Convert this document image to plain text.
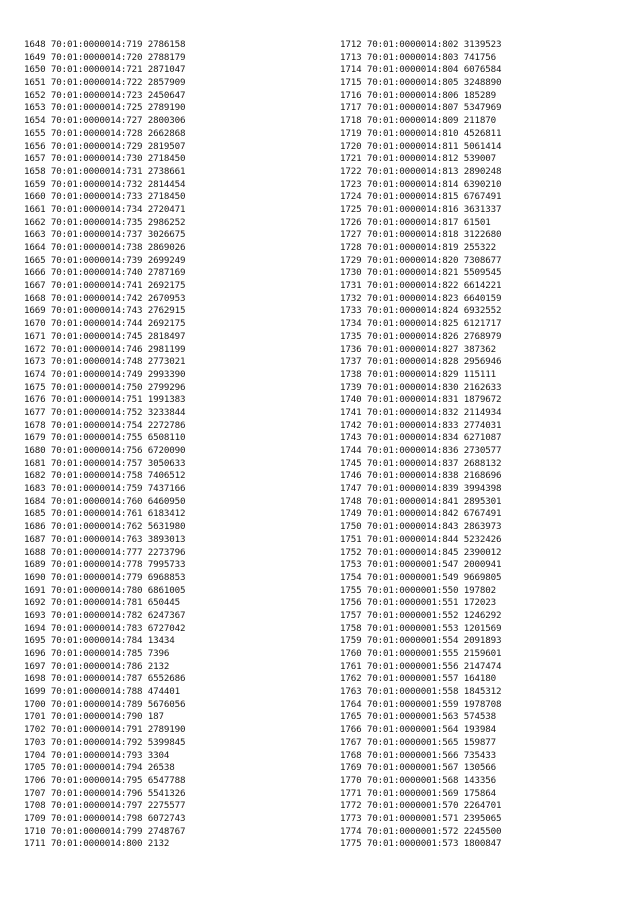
1648 70:01:0000014:719 2786158
1649 70:01:0000014:720 2788179
1650 70:01:0000014:721 2871047
1651 70:01:0000014:722 2857909
1652 70:01:0000014:723 2450647
1653 70:01:0000014:725 2789190
1654 70:01:0000014:727 2800306
1655 70:01:0000014:728 2662868
1656 70:01:0000014:729 2819507
1657 70:01:0000014:730 2718450
1658 70:01:0000014:731 2738661
1659 70:01:0000014:732 2814454
1660 70:01:0000014:733 2718450
1661 70:01:0000014:734 2720471
1662 70:01:0000014:735 2986252
1663 70:01:0000014:737 3026675
1664 70:01:0000014:738 2869026
1665 70:01:0000014:739 2699249
1666 70:01:0000014:740 2787169
1667 70:01:0000014:741 2692175
1668 70:01:0000014:742 2670953
1669 70:01:0000014:743 2762915
1670 70:01:0000014:744 2692175
1671 70:01:0000014:745 2818497
1672 70:01:0000014:746 2981199
1673 70:01:0000014:748 2773021
1674 70:01:0000014:749 2993390
1675 70:01:0000014:750 2799296
1676 70:01:0000014:751 1991383
1677 70:01:0000014:752 3233844
1678 70:01:0000014:754 2272786
1679 70:01:0000014:755 6508110
1680 70:01:0000014:756 6720090
1681 70:01:0000014:757 3050633
1682 70:01:0000014:758 7406512
1683 70:01:0000014:759 7437166
1684 70:01:0000014:760 6460950
1685 70:01:0000014:761 6183412
1686 70:01:0000014:762 5631980
1687 70:01:0000014:763 3893013
1688 70:01:0000014:777 2273796
1689 70:01:0000014:778 7995733
1690 70:01:0000014:779 6968853
1691 70:01:0000014:780 6861005
1692 70:01:0000014:781 650445
1693 70:01:0000014:782 6247367
1694 70:01:0000014:783 6727042
1695 70:01:0000014:784 13434
1696 70:01:0000014:785 7396
1697 70:01:0000014:786 2132
1698 70:01:0000014:787 6552686
1699 70:01:0000014:788 474401
1700 70:01:0000014:789 5676056
1701 70:01:0000014:790 187
1702 70:01:0000014:791 2789190
1703 70:01:0000014:792 5399845
1704 70:01:0000014:793 3304
1705 70:01:0000014:794 26538
1706 70:01:0000014:795 6547788
1707 70:01:0000014:796 5541326
1708 70:01:0000014:797 2275577
1709 70:01:0000014:798 6072743
1710 70:01:0000014:799 2748767
1711 70:01:0000014:800 2132
1712 70:01:0000014:802 3139523
1713 70:01:0000014:803 741756
1714 70:01:0000014:804 6076584
1715 70:01:0000014:805 3248890
1716 70:01:0000014:806 185289
1717 70:01:0000014:807 5347969
1718 70:01:0000014:809 211870
1719 70:01:0000014:810 4526811
1720 70:01:0000014:811 5061414
1721 70:01:0000014:812 539007
1722 70:01:0000014:813 2890248
1723 70:01:0000014:814 6390210
1724 70:01:0000014:815 6767491
1725 70:01:0000014:816 3631337
1726 70:01:0000014:817 61501
1727 70:01:0000014:818 3122680
1728 70:01:0000014:819 255322
1729 70:01:0000014:820 7308677
1730 70:01:0000014:821 5509545
1731 70:01:0000014:822 6614221
1732 70:01:0000014:823 6640159
1733 70:01:0000014:824 6932552
1734 70:01:0000014:825 6121717
1735 70:01:0000014:826 2768979
1736 70:01:0000014:827 387362
1737 70:01:0000014:828 2956946
1738 70:01:0000014:829 115111
1739 70:01:0000014:830 2162633
1740 70:01:0000014:831 1879672
1741 70:01:0000014:832 2114934
1742 70:01:0000014:833 2774031
1743 70:01:0000014:834 6271087
1744 70:01:0000014:836 2730577
1745 70:01:0000014:837 2688132
1746 70:01:0000014:838 2168696
1747 70:01:0000014:839 3994398
1748 70:01:0000014:841 2895301
1749 70:01:0000014:842 6767491
1750 70:01:0000014:843 2863973
1751 70:01:0000014:844 5232426
1752 70:01:0000014:845 2390012
1753 70:01:0000001:547 2000941
1754 70:01:0000001:549 9669805
1755 70:01:0000001:550 197802
1756 70:01:0000001:551 172023
1757 70:01:0000001:552 1246292
1758 70:01:0000001:553 1201569
1759 70:01:0000001:554 2091893
1760 70:01:0000001:555 2159601
1761 70:01:0000001:556 2147474
1762 70:01:0000001:557 164180
1763 70:01:0000001:558 1845312
1764 70:01:0000001:559 1978708
1765 70:01:0000001:563 574538
1766 70:01:0000001:564 193984
1767 70:01:0000001:565 159877
1768 70:01:0000001:566 735433
1769 70:01:0000001:567 130566
1770 70:01:0000001:568 143356
1771 70:01:0000001:569 175864
1772 70:01:0000001:570 2264701
1773 70:01:0000001:571 2395065
1774 70:01:0000001:572 2245500
1775 70:01:0000001:573 1800847
